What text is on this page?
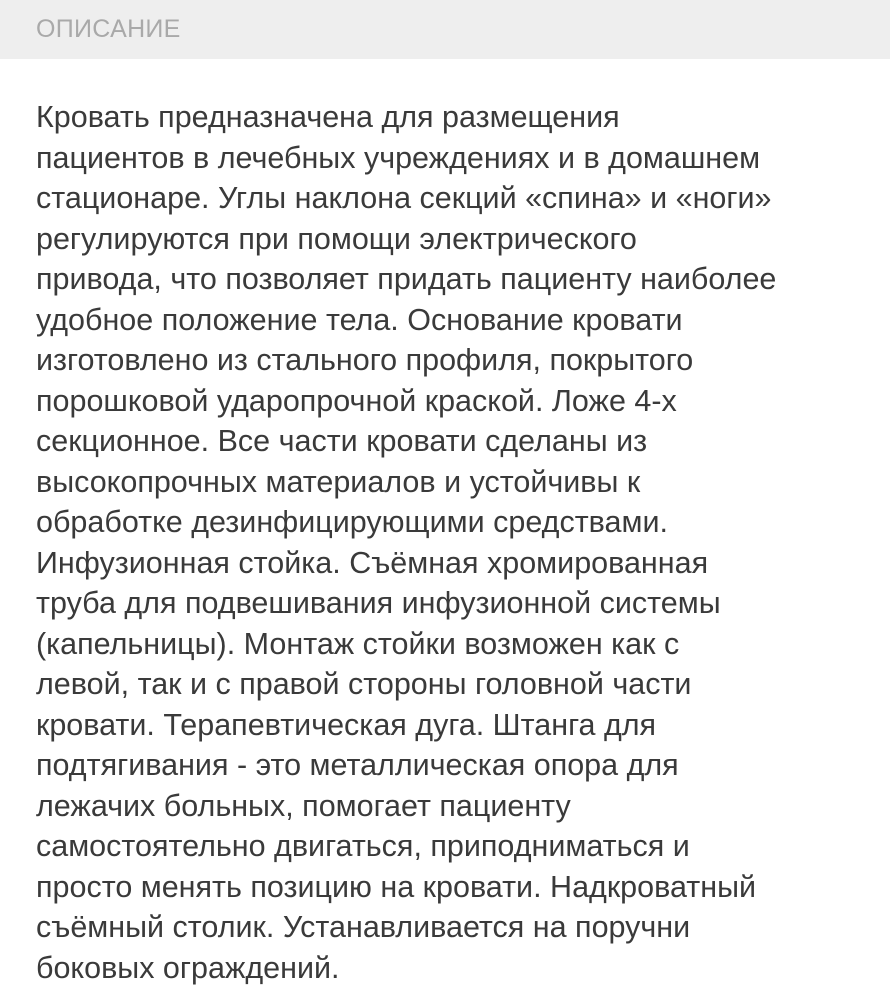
ОПИСАНИЕ
Кровать предназначена для размещения
пациентов в лечебных учреждениях и в домашнем
стационаре. Углы наклона секций «спина» и «ноги»
регулируются при помощи электрического
привода, что позволяет придать пациенту наиболее
удобное положение тела. Основание кровати
изготовлено из стального профиля, покрытого
порошковой ударопрочной краской. Ложе 4-х
секционное. Все части кровати сделаны из
высокопрочных материалов и устойчивы к
обработке дезинфицирующими средствами.
Инфузионная стойка. Съёмная хромированная
труба для подвешивания инфузионной системы
(капельницы). Монтаж стойки возможен как с
левой, так и с правой стороны головной части
кровати. Терапевтическая дуга. Штанга для
подтягивания - это металлическая опора для
лежачих больных, помогает пациенту
самостоятельно двигаться, приподниматься и
просто менять позицию на кровати. Надкроватный
съёмный столик. Устанавливается на поручни
боковых ограждений.
